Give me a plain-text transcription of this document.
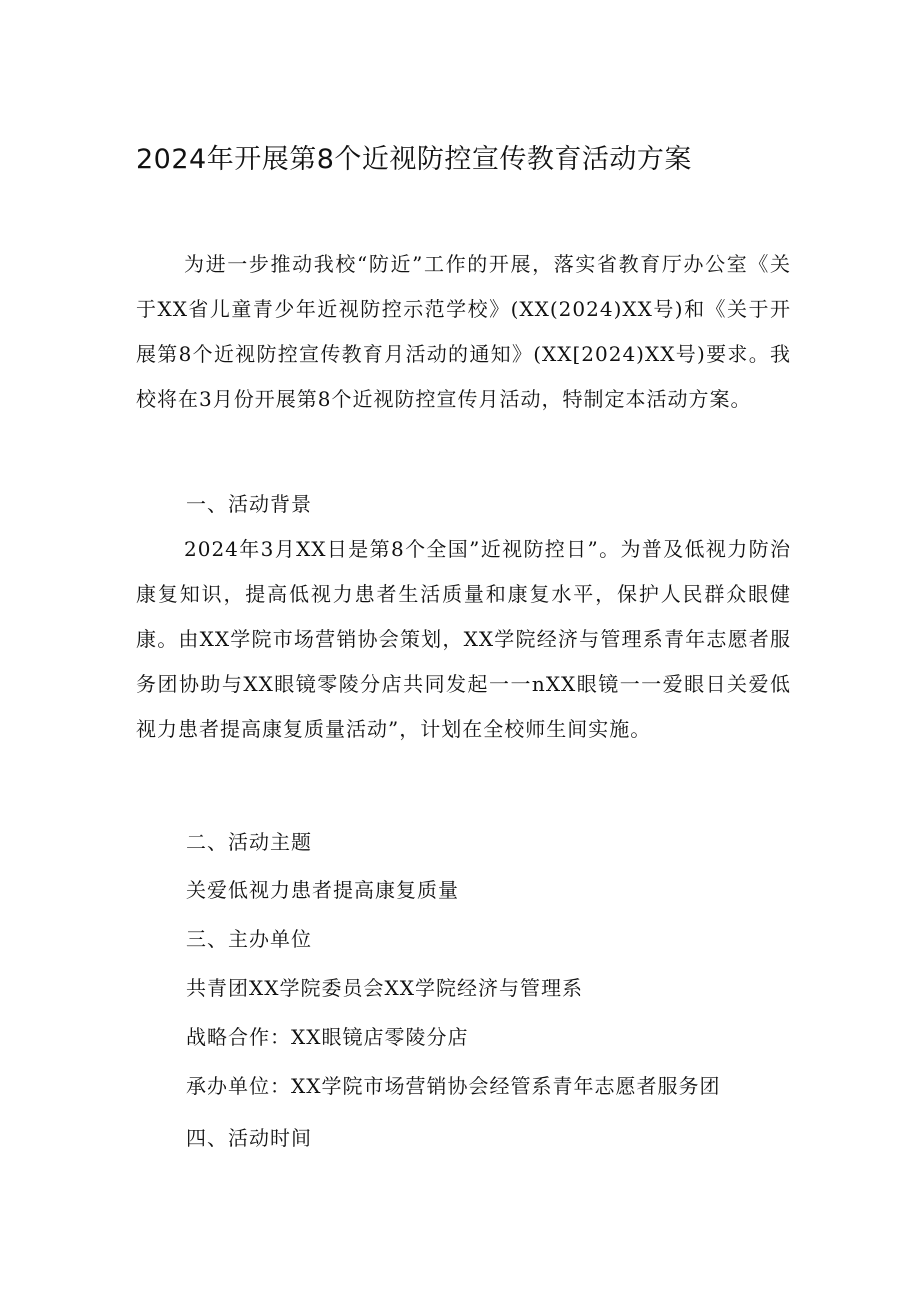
2024年开展第8个近视防控宣传教育活动方案

为进一步推动我校“防近”工作的开展，落实省教育厅办公室《关于XX省儿童青少年近视防控示范学校》(XX(2024)XX号)和《关于开展第8个近视防控宣传教育月活动的通知》(XX[2024)XX号)要求。我校将在3月份开展第8个近视防控宣传月活动，特制定本活动方案。

一、活动背景

2024年3月XX日是第8个全国”近视防控日”。为普及低视力防治康复知识，提高低视力患者生活质量和康复水平，保护人民群众眼健康。由XX学院市场营销协会策划，XX学院经济与管理系青年志愿者服务团协助与XX眼镜零陵分店共同发起一一nXX眼镜一一爱眼日关爱低视力患者提高康复质量活动”，计划在全校师生间实施。

二、活动主题

关爱低视力患者提高康复质量

三、主办单位

共青团XX学院委员会XX学院经济与管理系

战略合作：XX眼镜店零陵分店

承办单位：XX学院市场营销协会经管系青年志愿者服务团

四、活动时间
